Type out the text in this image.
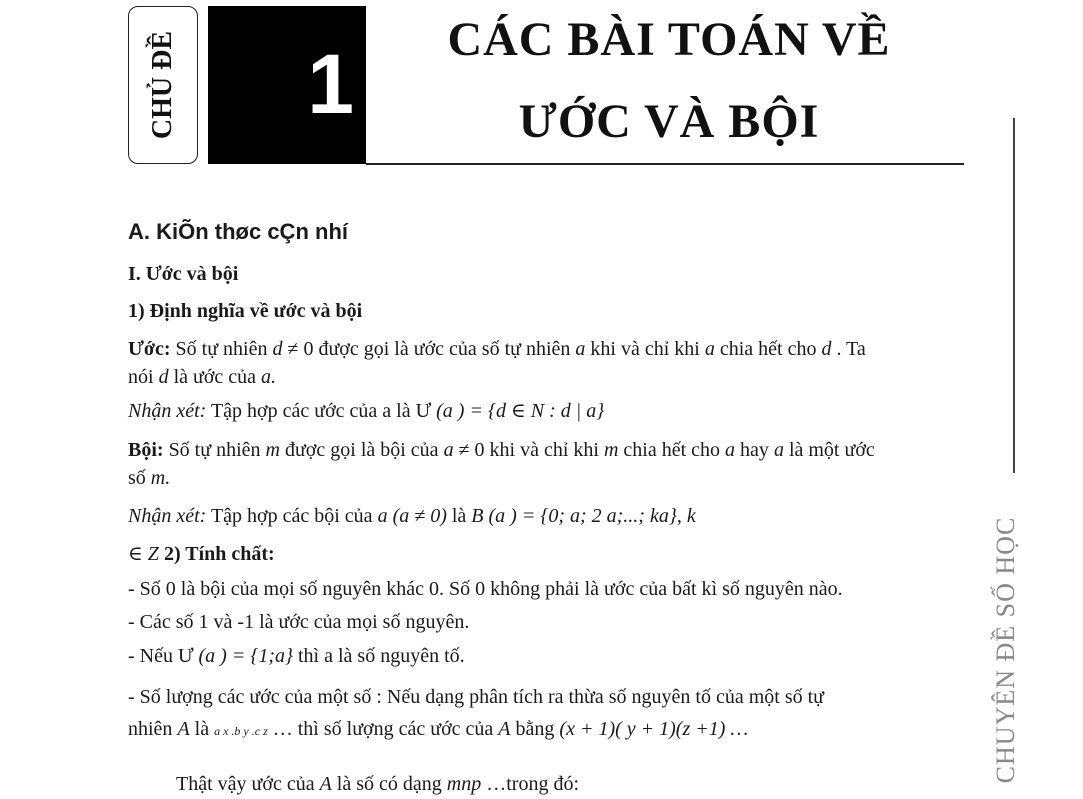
CHỦ ĐỀ 1	CÁC BÀI TOÁN VỀ
ƯỚC VÀ BỘI
CHUYÊN ĐỀ SỐ HỌC
A. KiÕn thøc cÇn nhí
I. Ước và bội
1) Định nghĩa về ước và bội
Ước: Số tự nhiên d ≠ 0 được gọi là ước của số tự nhiên a khi và chỉ khi a chia hết cho d . Ta
nói d là ước của a.
Nhận xét: Tập hợp các ước của a là Ư (a ) = {d ∈ N : d | a}
Bội: Số tự nhiên m được gọi là bội của a ≠ 0 khi và chỉ khi m chia hết cho a hay a là một ước
số m.
Nhận xét: Tập hợp các bội của a (a ≠ 0) là B (a ) = {0; a; 2 a;...; ka}, k
∈ Z 2) Tính chất:
- Số 0 là bội của mọi số nguyên khác 0. Số 0 không phải là ước của bất kì số nguyên nào.
- Các số 1 và -1 là ước của mọi số nguyên.
- Nếu Ư (a ) = {1;a} thì a là số nguyên tố.
- Số lượng các ước của một số : Nếu dạng phân tích ra thừa số nguyên tố của một số tự
nhiên A là a x .b y .c z … thì số lượng các ước của A bằng (x + 1)( y + 1)(z +1) …
Thật vậy ước của A là số có dạng mnp …trong đó:
